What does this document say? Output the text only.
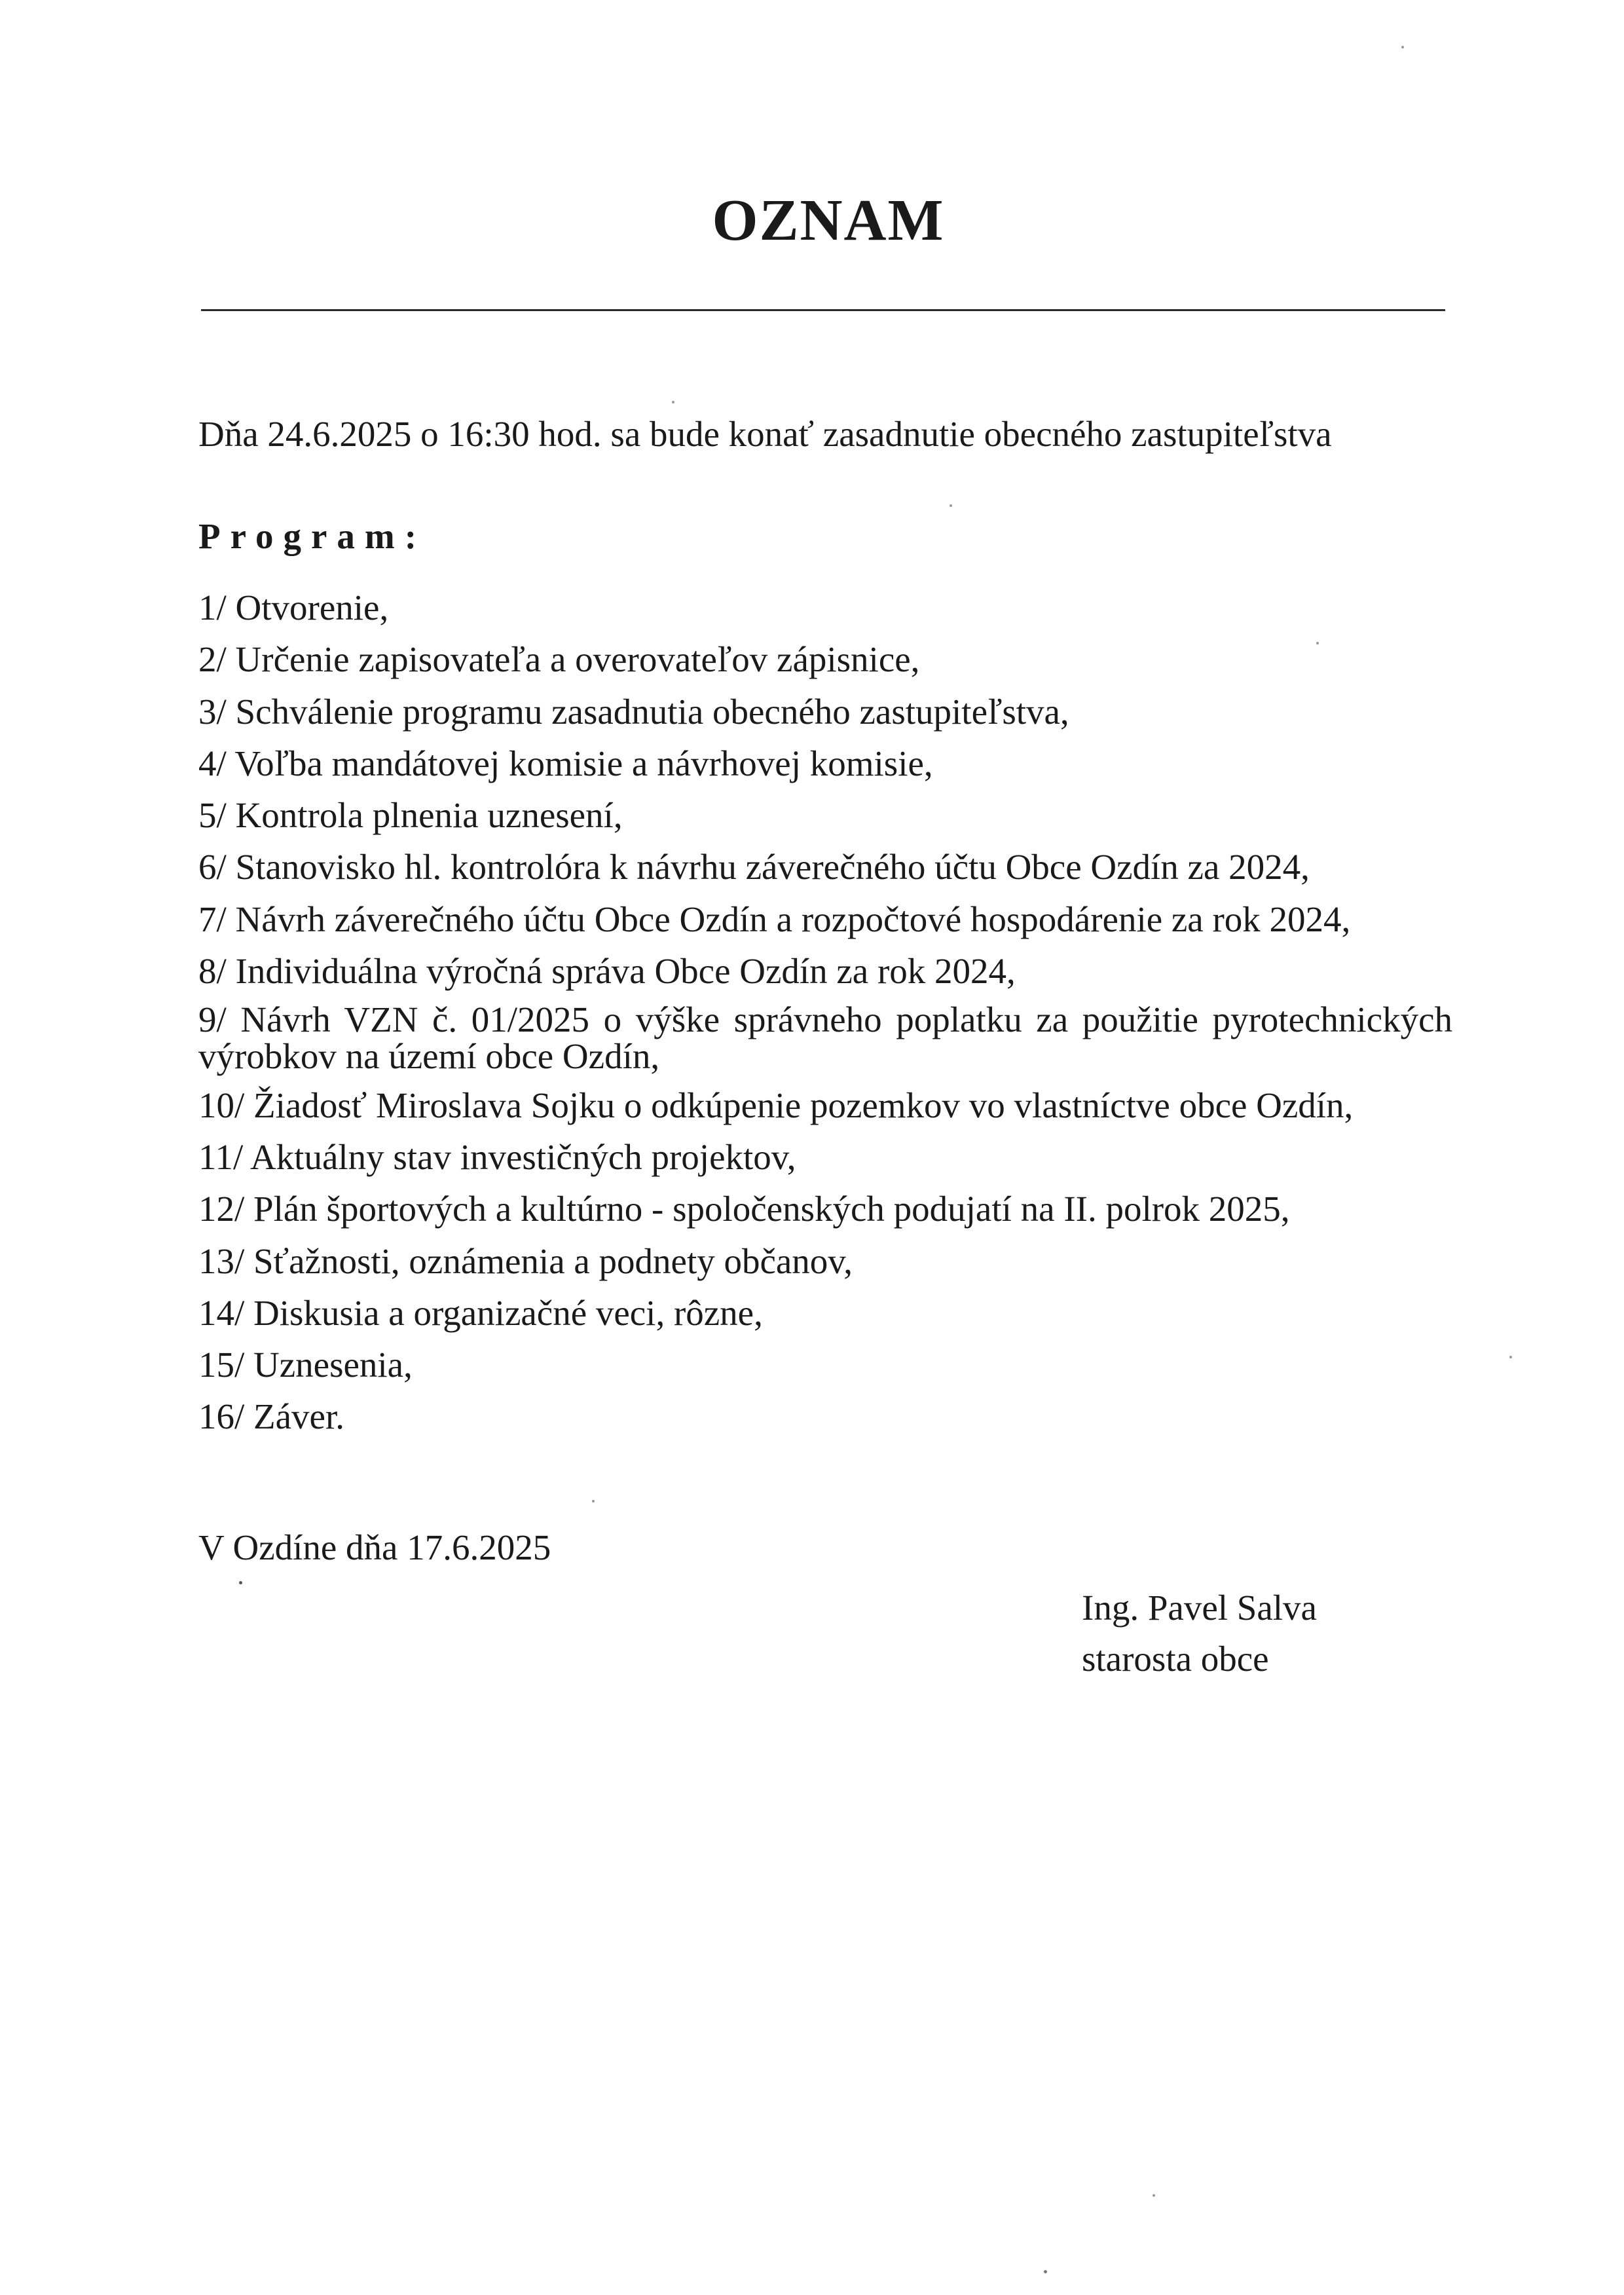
OZNAM
Dňa 24.6.2025 o 16:30 hod. sa bude konať zasadnutie obecného zastupiteľstva
Program:
1/ Otvorenie,
2/ Určenie zapisovateľa a overovateľov zápisnice,
3/ Schválenie programu zasadnutia obecného zastupiteľstva,
4/ Voľba mandátovej komisie a návrhovej komisie,
5/ Kontrola plnenia uznesení,
6/ Stanovisko hl. kontrolóra k návrhu záverečného účtu Obce Ozdín za 2024,
7/ Návrh záverečného účtu Obce Ozdín a rozpočtové hospodárenie za rok 2024,
8/ Individuálna výročná správa Obce Ozdín za rok 2024,
9/ Návrh VZN č. 01/2025 o výške správneho poplatku za použitie pyrotechnických výrobkov na území obce Ozdín,
10/ Žiadosť Miroslava Sojku o odkúpenie pozemkov vo vlastníctve obce Ozdín,
11/ Aktuálny stav investičných projektov,
12/ Plán športových a kultúrno - spoločenských podujatí na II. polrok 2025,
13/ Sťažnosti, oznámenia a podnety občanov,
14/ Diskusia a organizačné veci, rôzne,
15/ Uznesenia,
16/ Záver.
V Ozdíne dňa 17.6.2025
Ing. Pavel Salva
starosta obce
